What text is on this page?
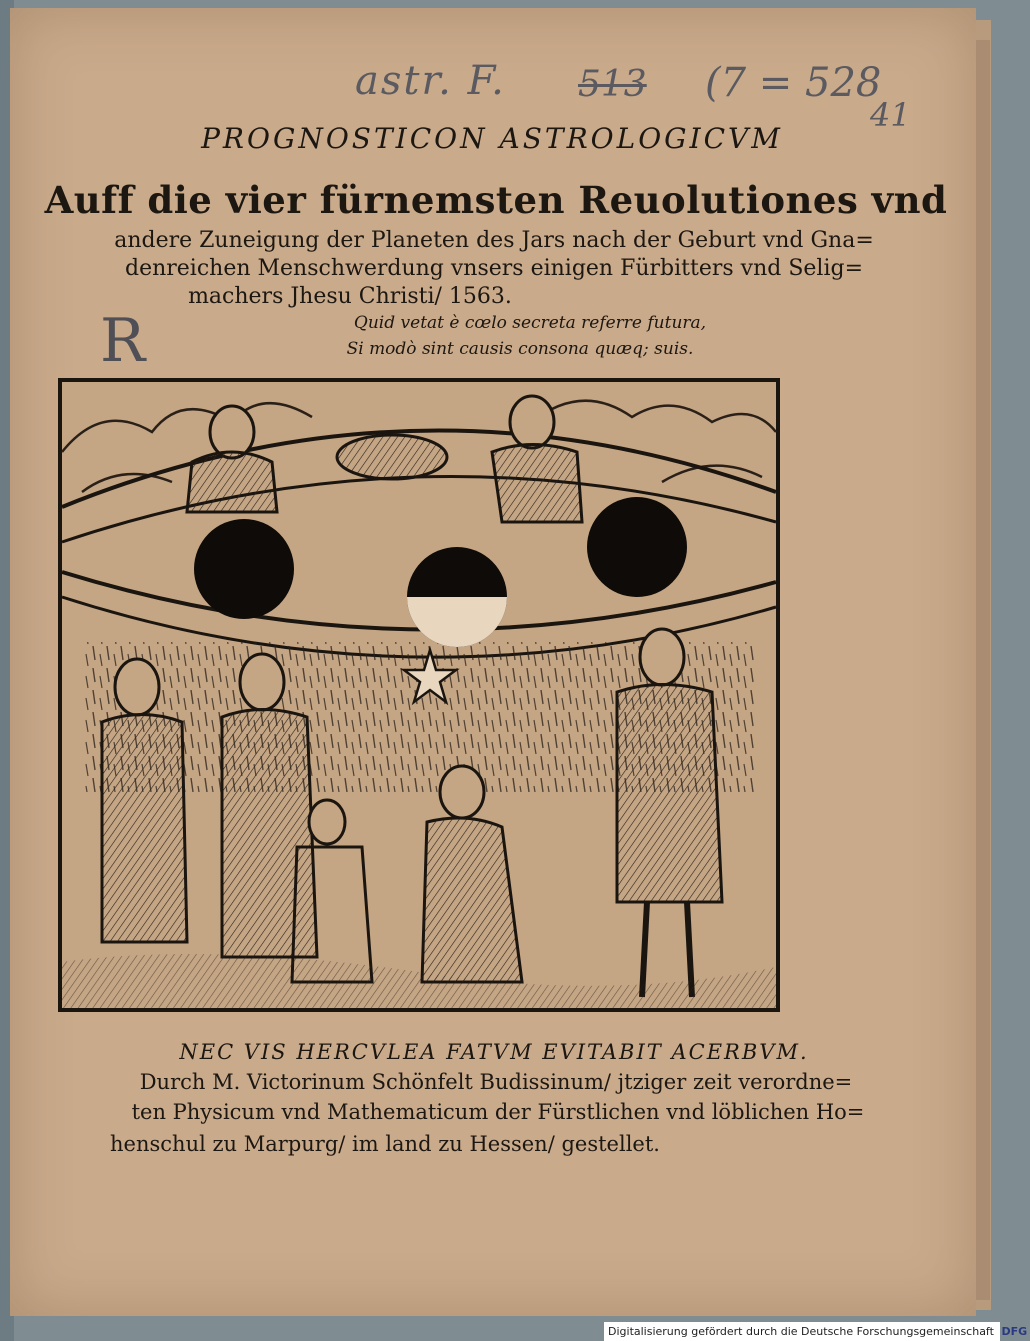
astr. F. 513 (7 = 528
41
R
PROGNOSTICON ASTROLOGICVM
Auff die vier fürnemsten Reuolutiones vnd
andere Zuneigung der Planeten des Jars nach der Geburt vnd Gna=
denreichen Menschwerdung vnsers einigen Fürbitters vnd Selig=
machers Jhesu Christi/ 1563.
Quid vetat è cœlo secreta referre futura,
Si modò sint causis consona quæq; suis.
NEC VIS HERCVLEA FATVM EVITABIT ACERBVM.
Durch M. Victorinum Schönfelt Budissinum/ jtziger zeit verordne=
ten Physicum vnd Mathematicum der Fürstlichen vnd löblichen Ho=
henschul zu Marpurg/ im land zu Hessen/ gestellet.
Digitalisierung gefördert durch die Deutsche Forschungsgemeinschaft DFG
